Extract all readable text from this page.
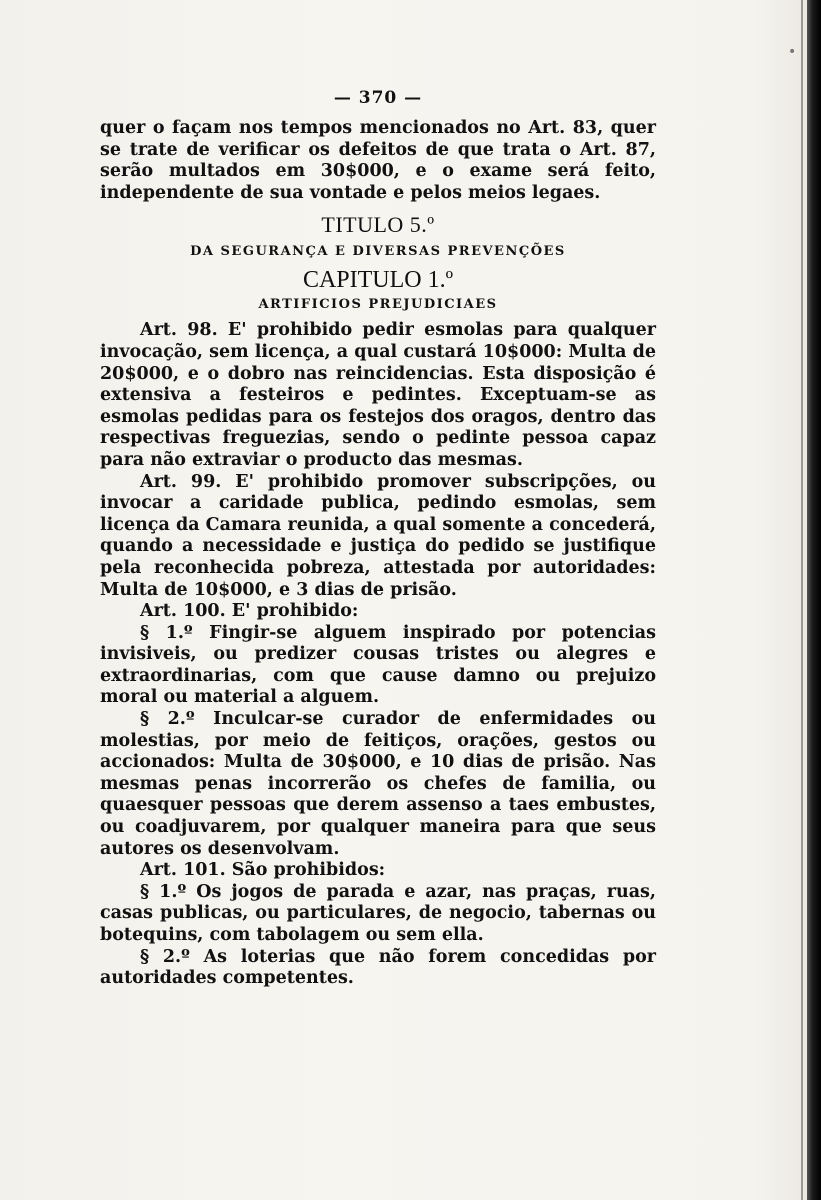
•
— 370 —

quer o façam nos tempos mencionados no Art. 83, quer se trate de verificar os defeitos de que trata o Art. 87, serão multados em 30$000, e o exame será feito, independente de sua vontade e pelos meios legaes.

TITULO 5.º
DA SEGURANÇA E DIVERSAS PREVENÇÕES
CAPITULO 1.º
ARTIFICIOS PREJUDICIAES

Art. 98. E' prohibido pedir esmolas para qualquer invocação, sem licença, a qual custará 10$000: Multa de 20$000, e o dobro nas reincidencias. Esta disposição é extensiva a festeiros e pedintes. Exceptuam-se as esmolas pedidas para os festejos dos oragos, dentro das respectivas freguezias, sendo o pedinte pessoa capaz para não extraviar o producto das mesmas.

Art. 99. E' prohibido promover subscripções, ou invocar a caridade publica, pedindo esmolas, sem licença da Camara reunida, a qual somente a concederá, quando a necessidade e justiça do pedido se justifique pela reconhecida pobreza, attestada por autoridades: Multa de 10$000, e 3 dias de prisão.

Art. 100. E' prohibido:

§ 1.º Fingir-se alguem inspirado por potencias invisiveis, ou predizer cousas tristes ou alegres e extraordinarias, com que cause damno ou prejuizo moral ou material a alguem.

§ 2.º Inculcar-se curador de enfermidades ou molestias, por meio de feitiços, orações, gestos ou accionados: Multa de 30$000, e 10 dias de prisão. Nas mesmas penas incorrerão os chefes de familia, ou quaesquer pessoas que derem assenso a taes embustes, ou coadjuvarem, por qualquer maneira para que seus autores os desenvolvam.

Art. 101. São prohibidos:

§ 1.º Os jogos de parada e azar, nas praças, ruas, casas publicas, ou particulares, de negocio, tabernas ou botequins, com tabolagem ou sem ella.

§ 2.º As loterias que não forem concedidas por autoridades competentes.
